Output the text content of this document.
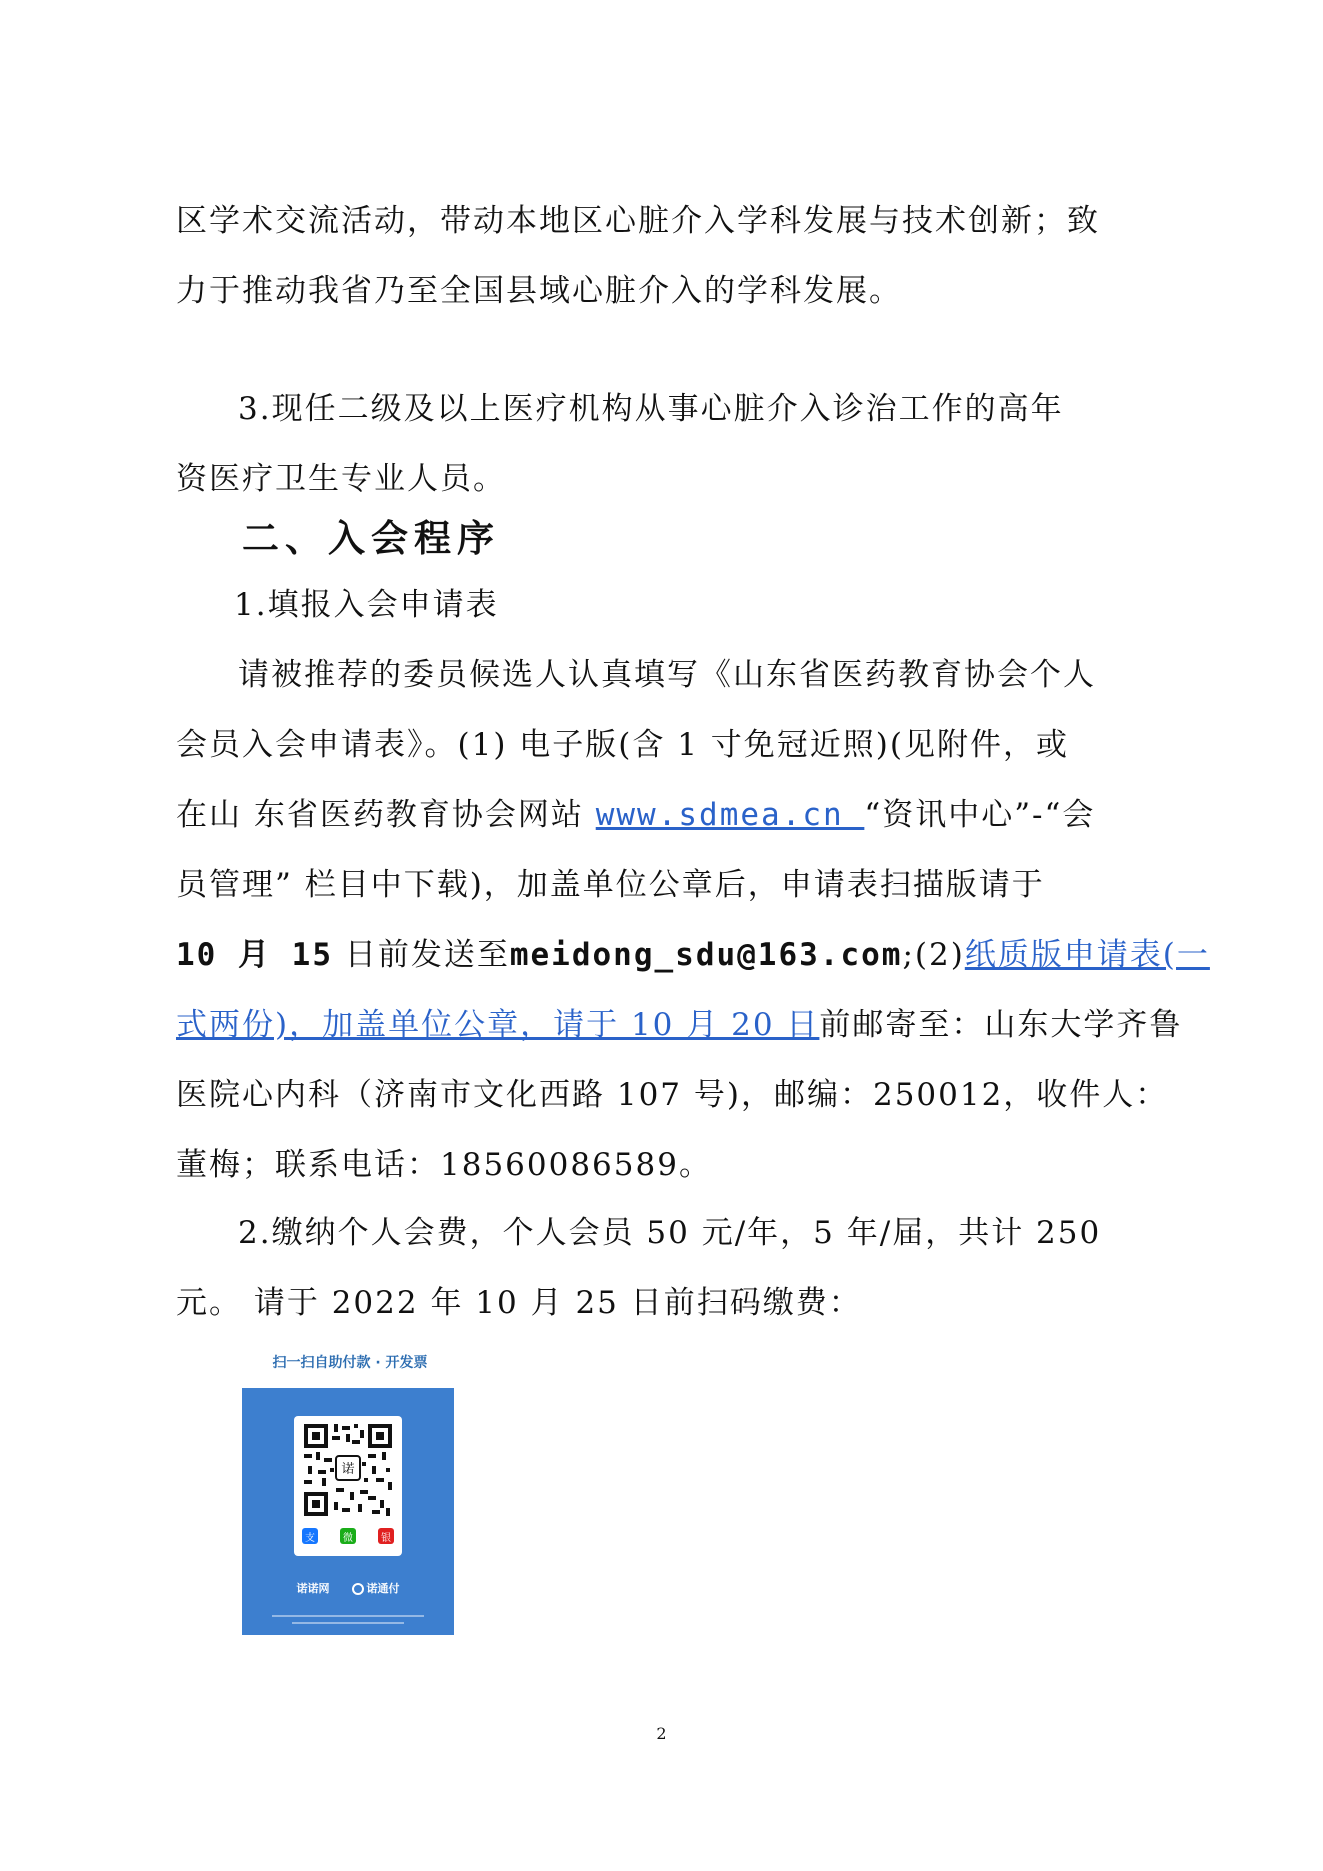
区学术交流活动，带动本地区心脏介入学科发展与技术创新；致
力于推动我省乃至全国县域心脏介入的学科发展。

3.现任二级及以上医疗机构从事心脏介入诊治工作的高年
资医疗卫生专业人员。

二、入会程序

1.填报入会申请表

请被推荐的委员候选人认真填写《山东省医药教育协会个人
会员入会申请表》。(1) 电子版(含 1 寸免冠近照)(见附件，或
在山 东省医药教育协会网站 www.sdmea.cn “资讯中心”-“会
员管理” 栏目中下载)，加盖单位公章后，申请表扫描版请于
10 月 15 日前发送至meidong_sdu@163.com;(2)纸质版申请表(一
式两份)，加盖单位公章，请于 10 月 20 日前邮寄至：山东大学齐鲁
医院心内科（济南市文化西路 107 号)，邮编：250012，收件人：
董梅；联系电话：18560086589。

2.缴纳个人会费，个人会员 50 元/年，5 年/届，共计 250
元。 请于 2022 年 10 月 25 日前扫码缴费：

扫一扫自助付款 · 开发票
诺
支	微	银
诺诺网	诺通付
2
